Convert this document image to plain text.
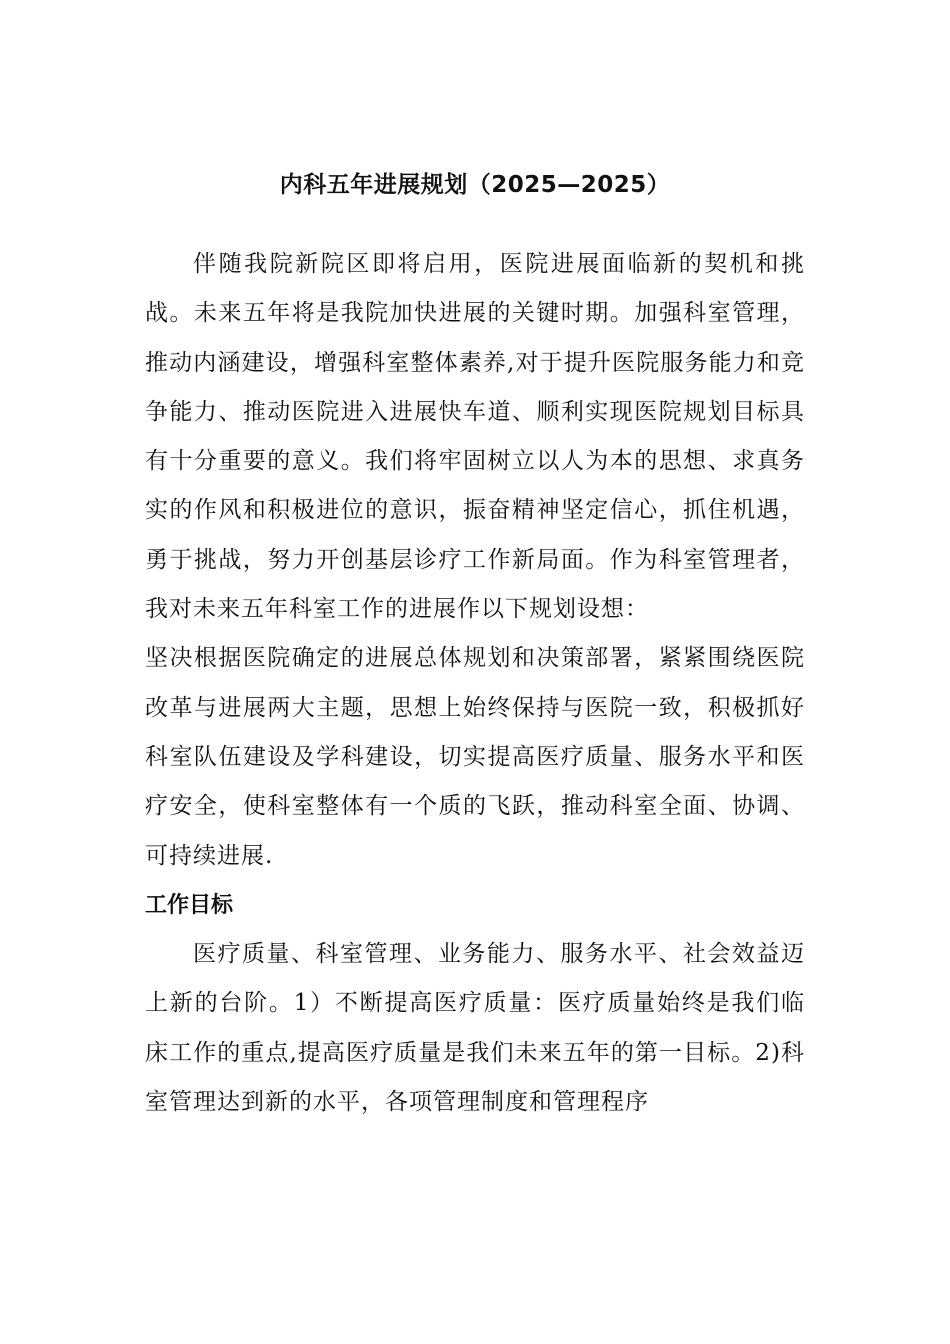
内科五年进展规划（2025—2025）

伴随我院新院区即将启用，医院进展面临新的契机和挑战。未来五年将是我院加快进展的关键时期。加强科室管理，推动内涵建设，增强科室整体素养,对于提升医院服务能力和竞争能力、推动医院进入进展快车道、顺利实现医院规划目标具有十分重要的意义。我们将牢固树立以人为本的思想、求真务实的作风和积极进位的意识，振奋精神坚定信心，抓住机遇，勇于挑战，努力开创基层诊疗工作新局面。作为科室管理者，我对未来五年科室工作的进展作以下规划设想：

坚决根据医院确定的进展总体规划和决策部署，紧紧围绕医院改革与进展两大主题，思想上始终保持与医院一致，积极抓好科室队伍建设及学科建设，切实提高医疗质量、服务水平和医疗安全，使科室整体有一个质的飞跃，推动科室全面、协调、可持续进展.

工作目标

医疗质量、科室管理、业务能力、服务水平、社会效益迈上新的台阶。1）不断提高医疗质量：医疗质量始终是我们临床工作的重点,提高医疗质量是我们未来五年的第一目标。2)科室管理达到新的水平，各项管理制度和管理程序
